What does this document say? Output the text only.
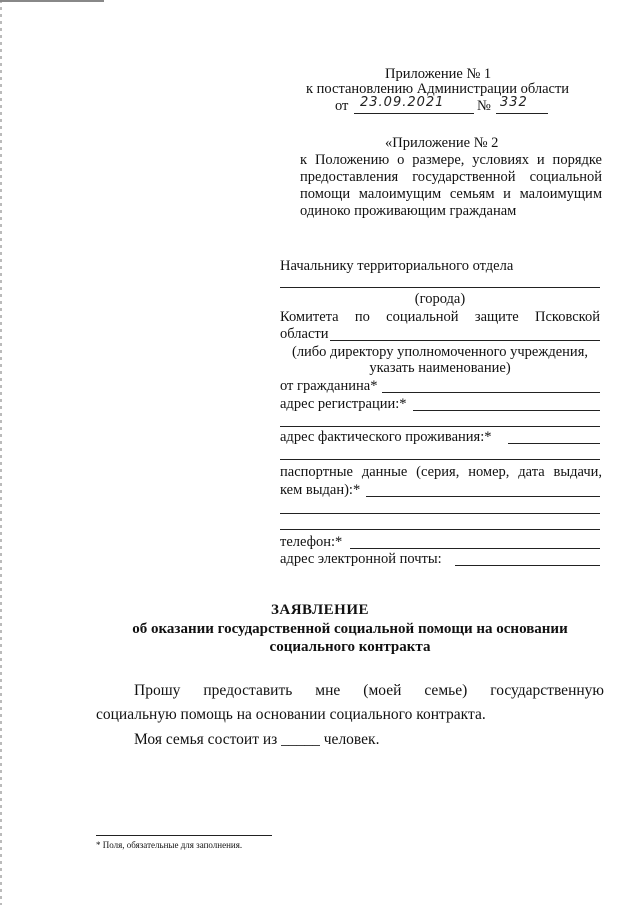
Приложение № 1
к постановлению Администрации области
от 23.09.2021 № 332
«Приложение № 2
к Положению о размере, условиях и порядке
предоставления государственной социальной
помощи малоимущим семьям и малоимущим
одиноко проживающим гражданам
Начальнику территориального отдела
(города)
Комитета по социальной защите Псковской
области
(либо директору уполномоченного учреждения,
указать наименование)
от гражданина*
адрес регистрации:*
адрес фактического проживания:*
паспортные данные (серия, номер, дата выдачи,
кем выдан):*
телефон:*
адрес электронной почты:
ЗАЯВЛЕНИЕ
об оказании государственной социальной помощи на основании
социального контракта
Прошу предоставить мне (моей семье) государственную
социальную помощь на основании социального контракта.
Моя семья состоит из _____ человек.
* Поля, обязательные для заполнения.
